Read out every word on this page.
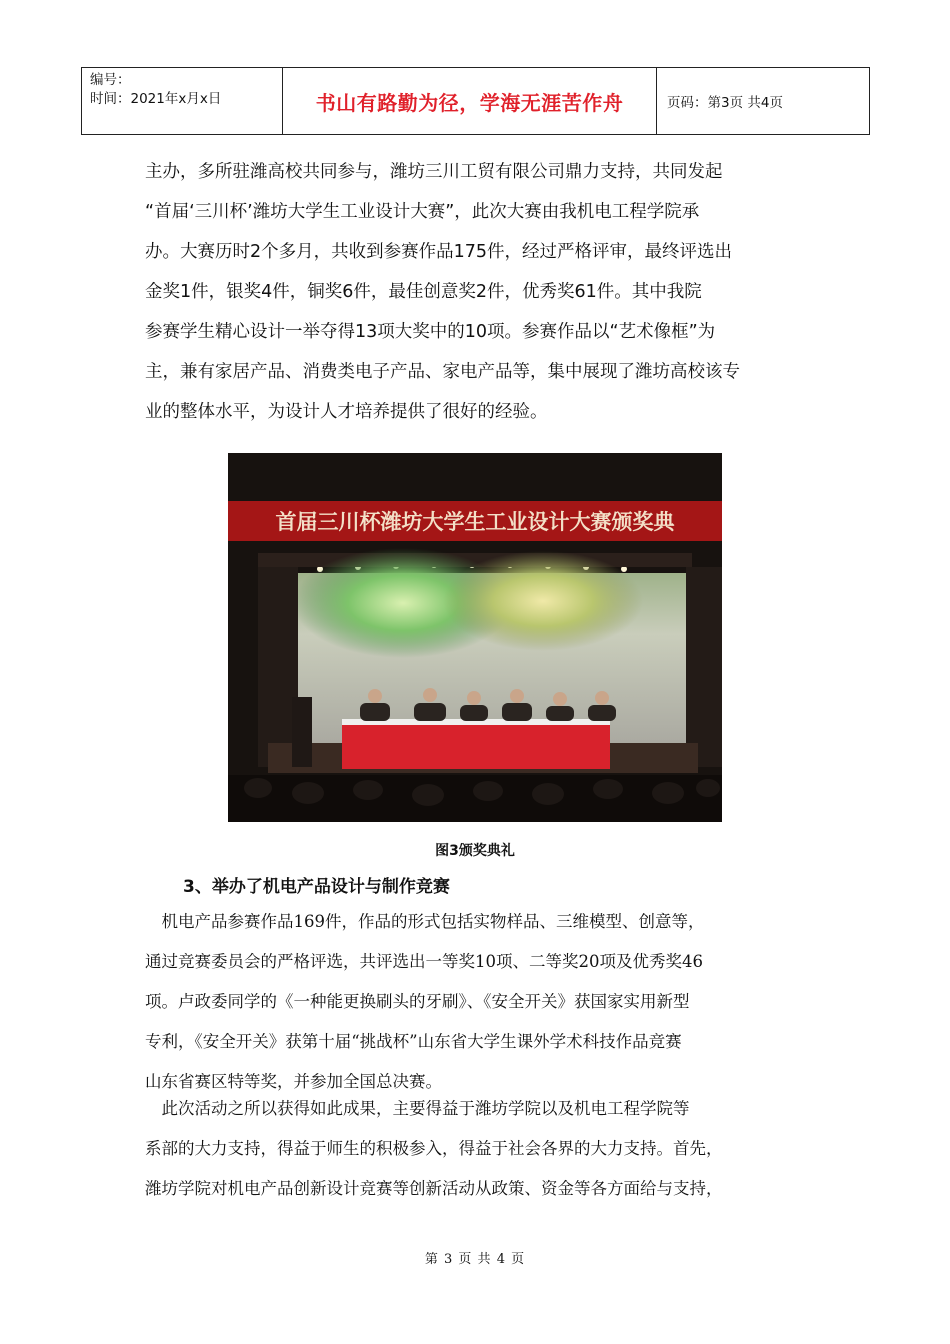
编号：
时间：2021年x月x日	书山有路勤为径，学海无涯苦作舟	页码：第3页 共4页

主办，多所驻潍高校共同参与，潍坊三川工贸有限公司鼎力支持，共同发起

“首届‘三川杯’潍坊大学生工业设计大赛”，此次大赛由我机电工程学院承

办。大赛历时2个多月，共收到参赛作品175件，经过严格评审，最终评选出

金奖1件，银奖4件，铜奖6件，最佳创意奖2件，优秀奖61件。其中我院

参赛学生精心设计一举夺得13项大奖中的10项。参赛作品以“艺术像框”为

主，兼有家居产品、消费类电子产品、家电产品等，集中展现了潍坊高校该专

业的整体水平，为设计人才培养提供了很好的经验。

首届三川杯潍坊大学生工业设计大赛颁奖典
图3颁奖典礼
3、举办了机电产品设计与制作竞赛

　机电产品参赛作品169件，作品的形式包括实物样品、三维模型、创意等，

通过竞赛委员会的严格评选，共评选出一等奖10项、二等奖20项及优秀奖46

项。卢政委同学的《一种能更换刷头的牙刷》、《安全开关》获国家实用新型

专利，《安全开关》获第十届“挑战杯”山东省大学生课外学术科技作品竞赛

山东省赛区特等奖，并参加全国总决赛。

　此次活动之所以获得如此成果，主要得益于潍坊学院以及机电工程学院等

系部的大力支持，得益于师生的积极参入，得益于社会各界的大力支持。首先，

潍坊学院对机电产品创新设计竞赛等创新活动从政策、资金等各方面给与支持，

第 3 页 共 4 页
